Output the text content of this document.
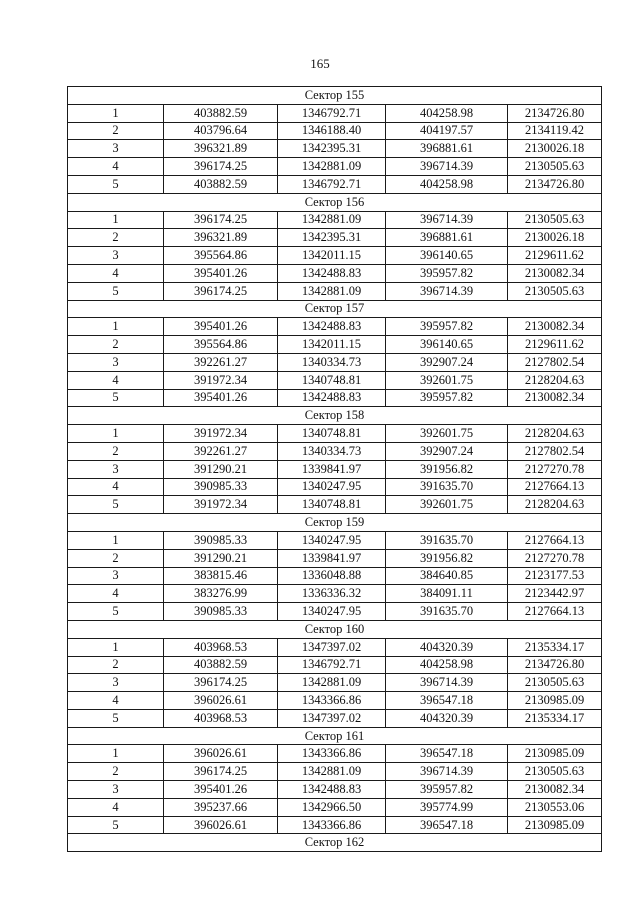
165
Сектор 155				
1	403882.59	1346792.71	404258.98	2134726.80
2	403796.64	1346188.40	404197.57	2134119.42
3	396321.89	1342395.31	396881.61	2130026.18
4	396174.25	1342881.09	396714.39	2130505.63
5	403882.59	1346792.71	404258.98	2134726.80
Сектор 156				
1	396174.25	1342881.09	396714.39	2130505.63
2	396321.89	1342395.31	396881.61	2130026.18
3	395564.86	1342011.15	396140.65	2129611.62
4	395401.26	1342488.83	395957.82	2130082.34
5	396174.25	1342881.09	396714.39	2130505.63
Сектор 157				
1	395401.26	1342488.83	395957.82	2130082.34
2	395564.86	1342011.15	396140.65	2129611.62
3	392261.27	1340334.73	392907.24	2127802.54
4	391972.34	1340748.81	392601.75	2128204.63
5	395401.26	1342488.83	395957.82	2130082.34
Сектор 158				
1	391972.34	1340748.81	392601.75	2128204.63
2	392261.27	1340334.73	392907.24	2127802.54
3	391290.21	1339841.97	391956.82	2127270.78
4	390985.33	1340247.95	391635.70	2127664.13
5	391972.34	1340748.81	392601.75	2128204.63
Сектор 159				
1	390985.33	1340247.95	391635.70	2127664.13
2	391290.21	1339841.97	391956.82	2127270.78
3	383815.46	1336048.88	384640.85	2123177.53
4	383276.99	1336336.32	384091.11	2123442.97
5	390985.33	1340247.95	391635.70	2127664.13
Сектор 160				
1	403968.53	1347397.02	404320.39	2135334.17
2	403882.59	1346792.71	404258.98	2134726.80
3	396174.25	1342881.09	396714.39	2130505.63
4	396026.61	1343366.86	396547.18	2130985.09
5	403968.53	1347397.02	404320.39	2135334.17
Сектор 161				
1	396026.61	1343366.86	396547.18	2130985.09
2	396174.25	1342881.09	396714.39	2130505.63
3	395401.26	1342488.83	395957.82	2130082.34
4	395237.66	1342966.50	395774.99	2130553.06
5	396026.61	1343366.86	396547.18	2130985.09
Сектор 162				
